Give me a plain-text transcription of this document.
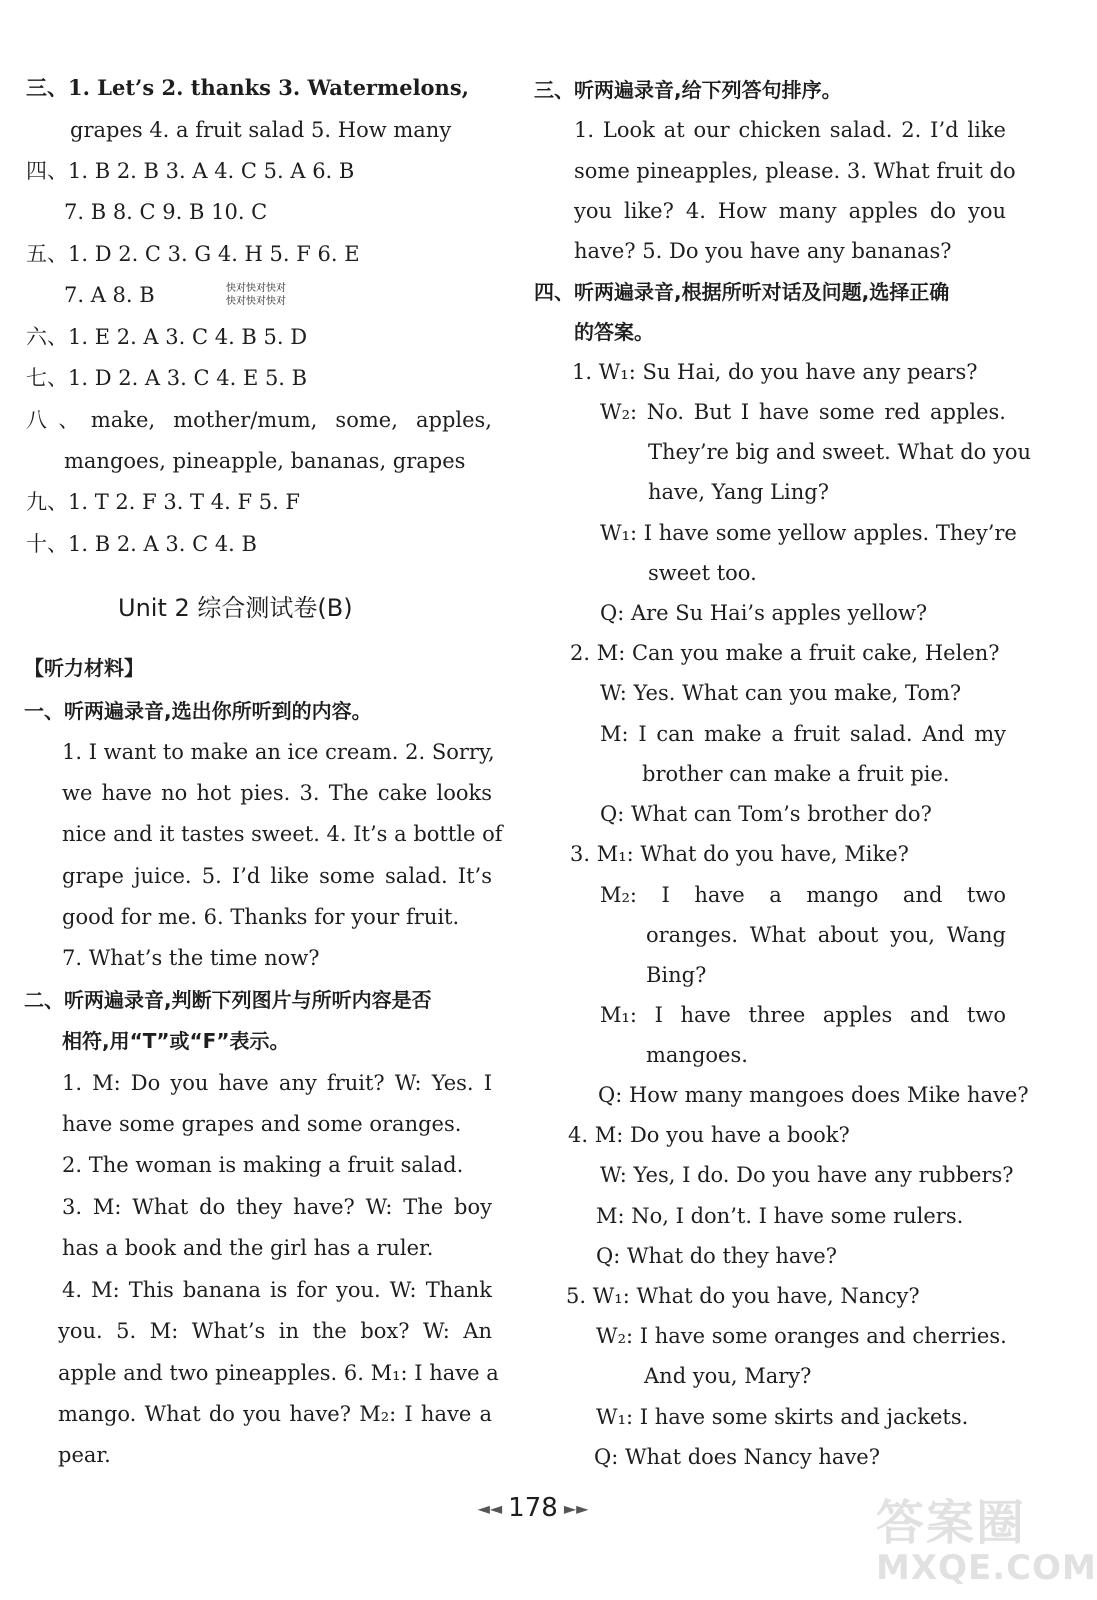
三、1. Let’s 2. thanks 3. Watermelons,
grapes 4. a fruit salad 5. How many
四、1. B 2. B 3. A 4. C 5. A 6. B
7. B 8. C 9. B 10. C
五、1. D 2. C 3. G 4. H 5. F 6. E
7. A 8. B	快对快对快对
快对快对快对
六、1. E 2. A 3. C 4. B 5. D
七、1. D 2. A 3. C 4. E 5. B
八、make, mother/mum, some, apples,
mangoes, pineapple, bananas, grapes
九、1. T 2. F 3. T 4. F 5. F
十、1. B 2. A 3. C 4. B
Unit 2 综合测试卷(B)
【听力材料】
一、听两遍录音,选出你所听到的内容。
1. I want to make an ice cream. 2. Sorry,
we have no hot pies. 3. The cake looks
nice and it tastes sweet. 4. It’s a bottle of
grape juice. 5. I’d like some salad. It’s
good for me. 6. Thanks for your fruit.
7. What’s the time now?
二、听两遍录音,判断下列图片与所听内容是否
相符,用“T”或“F”表示。
1. M: Do you have any fruit? W: Yes. I
have some grapes and some oranges.
2. The woman is making a fruit salad.
3. M: What do they have? W: The boy
has a book and the girl has a ruler.
4. M: This banana is for you. W: Thank
you. 5. M: What’s in the box? W: An
apple and two pineapples. 6. M₁: I have a
mango. What do you have? M₂: I have a
pear.
三、听两遍录音,给下列答句排序。
1. Look at our chicken salad. 2. I’d like
some pineapples, please. 3. What fruit do
you like? 4. How many apples do you
have? 5. Do you have any bananas?
四、听两遍录音,根据所听对话及问题,选择正确
的答案。
1. W₁: Su Hai, do you have any pears?
W₂: No. But I have some red apples.
They’re big and sweet. What do you
have, Yang Ling?
W₁: I have some yellow apples. They’re
sweet too.
Q: Are Su Hai’s apples yellow?
2. M: Can you make a fruit cake, Helen?
W: Yes. What can you make, Tom?
M: I can make a fruit salad. And my
brother can make a fruit pie.
Q: What can Tom’s brother do?
3. M₁: What do you have, Mike?
M₂: I have a mango and two
oranges. What about you, Wang
Bing?
M₁: I have three apples and two
mangoes.
Q: How many mangoes does Mike have?
4. M: Do you have a book?
W: Yes, I do. Do you have any rubbers?
M: No, I don’t. I have some rulers.
Q: What do they have?
5. W₁: What do you have, Nancy?
W₂: I have some oranges and cherries.
And you, Mary?
W₁: I have some skirts and jackets.
Q: What does Nancy have?
◄◄ 178 ►►	答案圈
MXQE.COM
